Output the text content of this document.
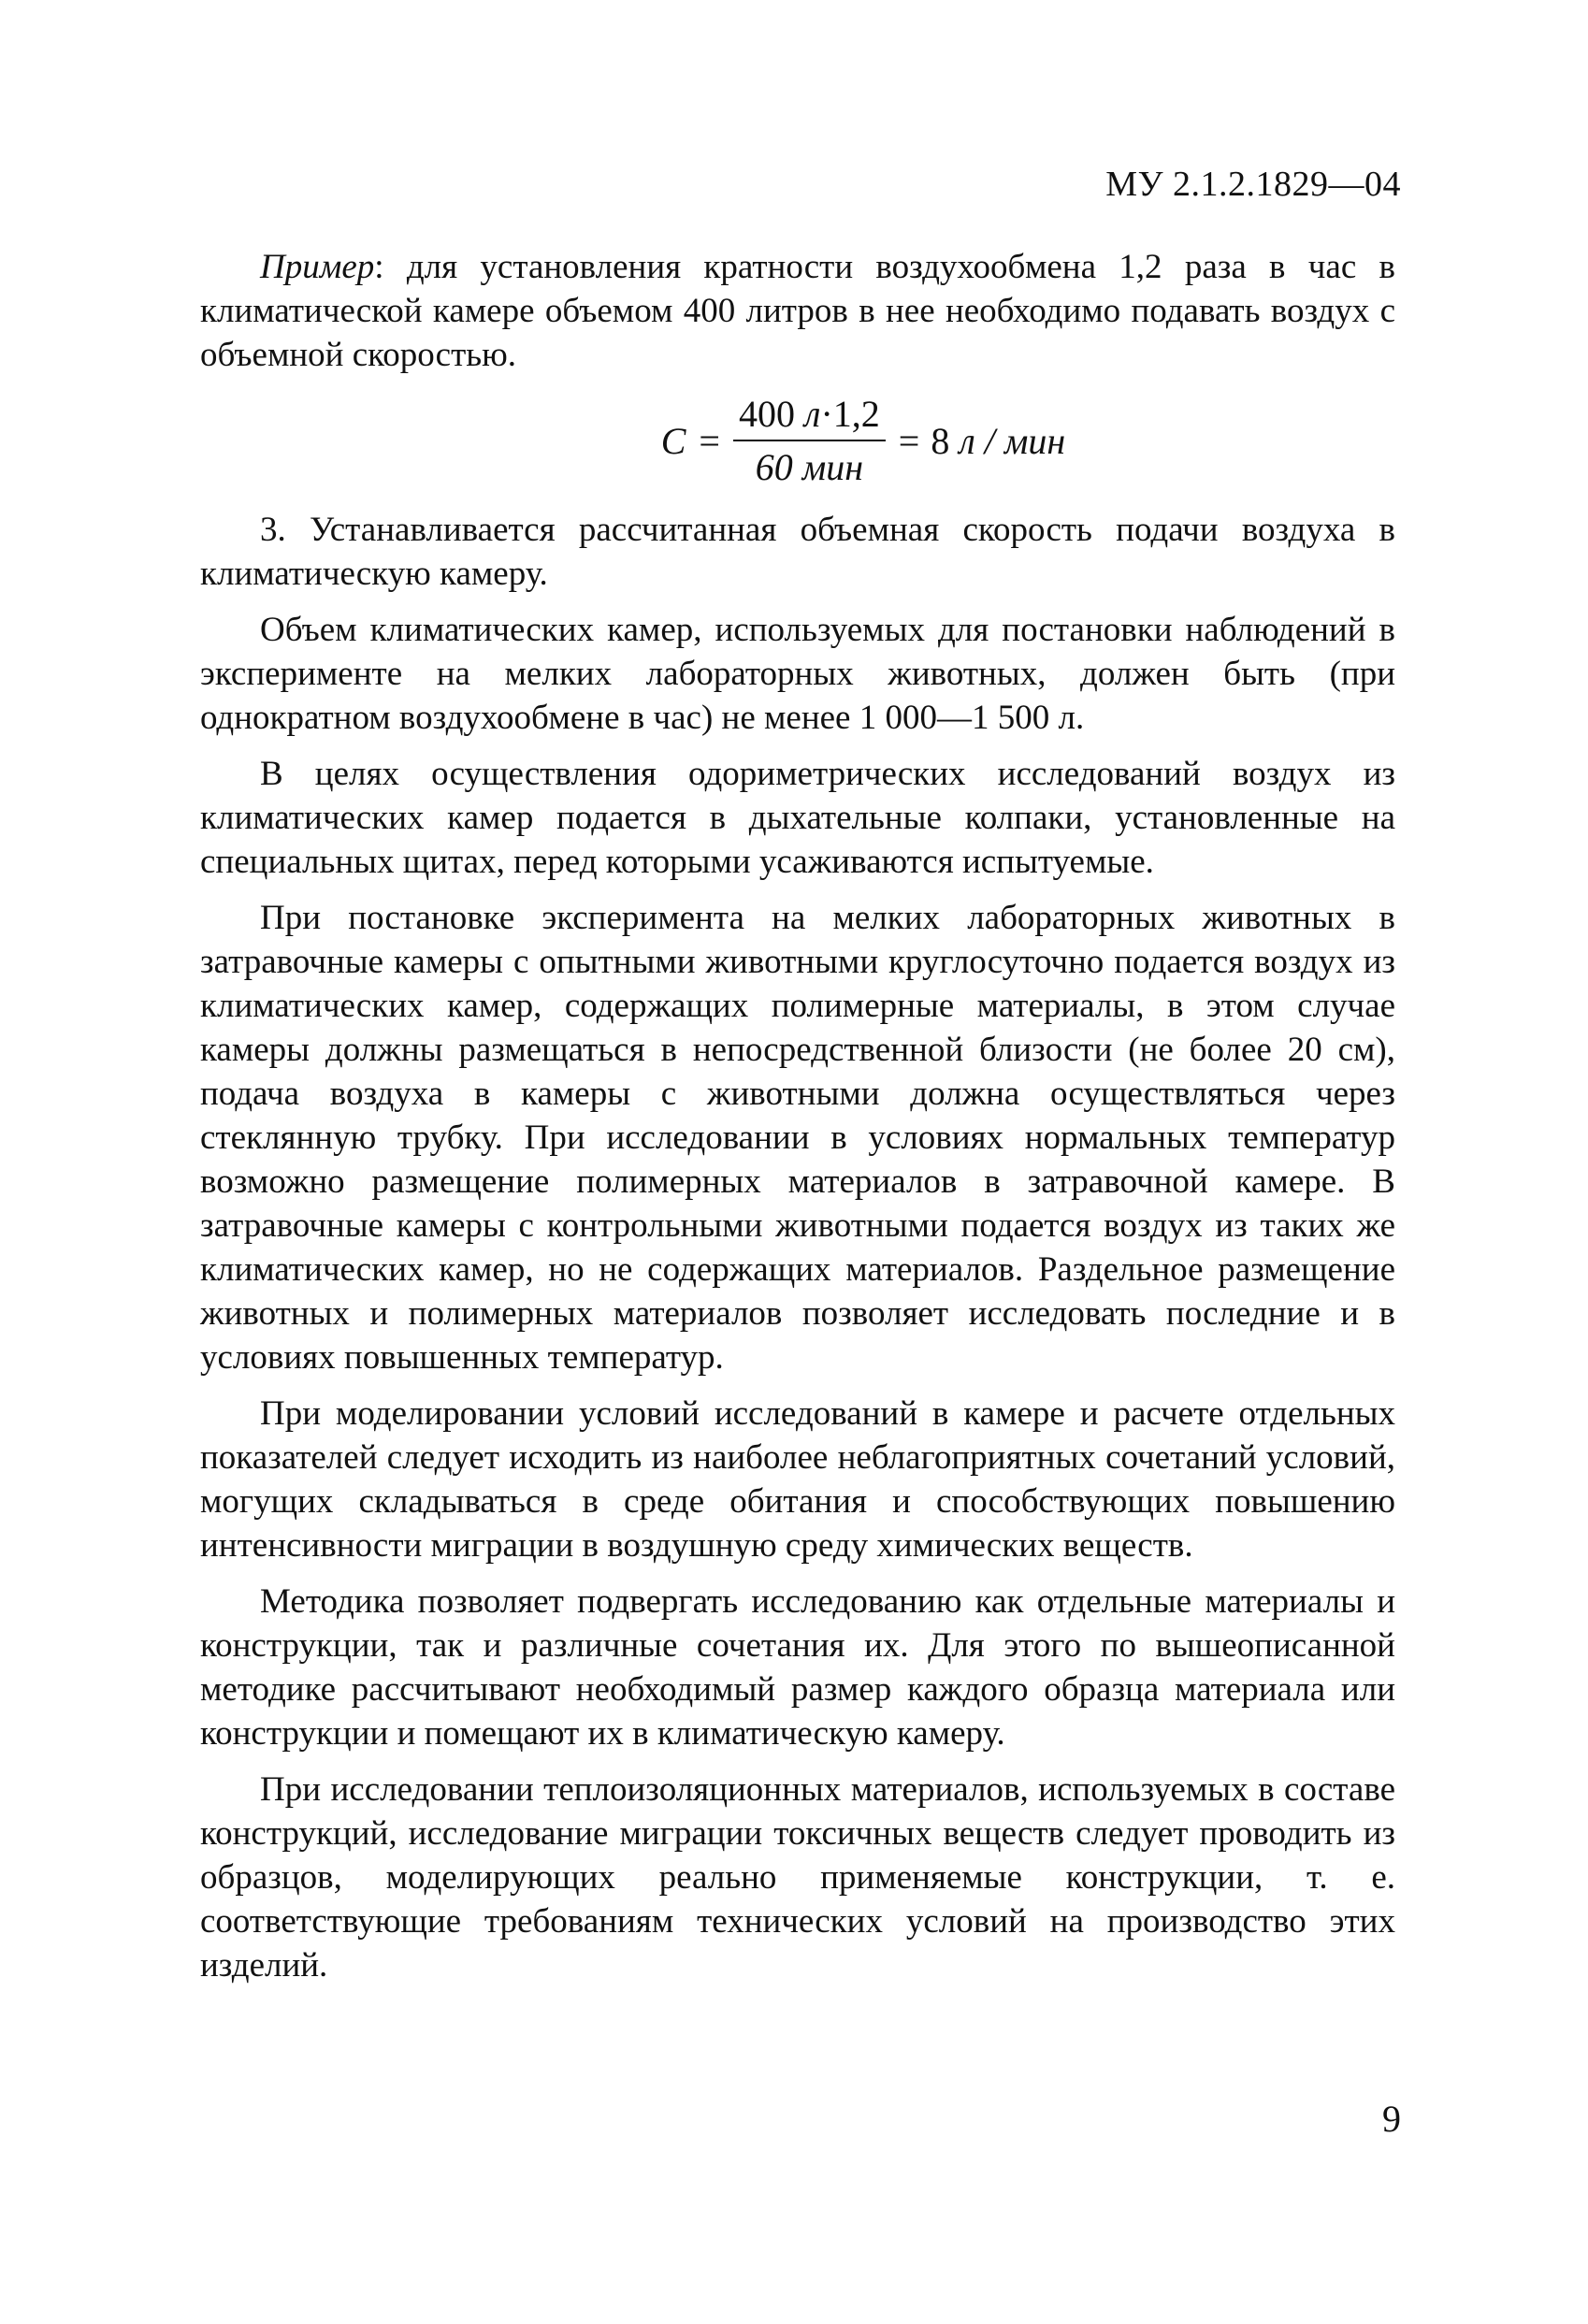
МУ 2.1.2.1829—04

Пример: для установления кратности воздухообмена 1,2 раза в час в климатической камере объемом 400 литров в нее необходимо подавать воздух с объемной скоростью.

$C = \frac{400 л\cdot 1,2}{\text{60 мин}} = 8$ л / мин

3. Устанавливается рассчитанная объемная скорость подачи воздуха в климатическую камеру.

Объем климатических камер, используемых для постановки наблюдений в эксперименте на мелких лабораторных животных, должен быть (при однократном воздухообмене в час) не менее 1 000—1 500 л.

В целях осуществления одориметрических исследований воздух из климатических камер подается в дыхательные колпаки, установленные на специальных щитах, перед которыми усаживаются испытуемые.

При постановке эксперимента на мелких лабораторных животных в затравочные камеры с опытными животными круглосуточно подается воздух из климатических камер, содержащих полимерные материалы, в этом случае камеры должны размещаться в непосредственной близости (не более 20 см), подача воздуха в камеры с животными должна осуществляться через стеклянную трубку. При исследовании в условиях нормальных температур возможно размещение полимерных материалов в затравочной камере. В затравочные камеры с контрольными животными подается воздух из таких же климатических камер, но не содержащих материалов. Раздельное размещение животных и полимерных материалов позволяет исследовать последние и в условиях повышенных температур.

При моделировании условий исследований в камере и расчете отдельных показателей следует исходить из наиболее неблагоприятных сочетаний условий, могущих складываться в среде обитания и способствующих повышению интенсивности миграции в воздушную среду химических веществ.

Методика позволяет подвергать исследованию как отдельные материалы и конструкции, так и различные сочетания их. Для этого по вышеописанной методике рассчитывают необходимый размер каждого образца материала или конструкции и помещают их в климатическую камеру.

При исследовании теплоизоляционных материалов, используемых в составе конструкций, исследование миграции токсичных веществ следует проводить из образцов, моделирующих реально применяемые конструкции, т. е. соответствующие требованиям технических условий на производство этих изделий.

9
